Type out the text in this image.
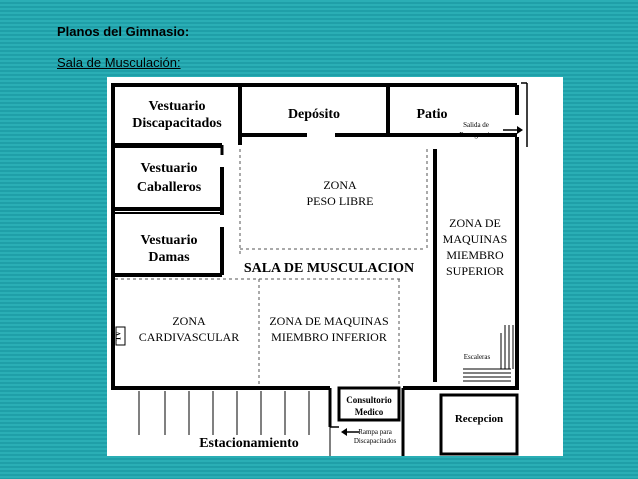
Planos del Gimnasio:
Sala de Musculación:
TV
Vestuario
Discapacitados
Depósito	Patio
Salida de
Emergencia
Vestuario
Caballeros
Vestuario
Damas
ZONA
PESO LIBRE
ZONA DE
MAQUINAS
MIEMBRO
SUPERIOR
SALA DE MUSCULACION
ZONA
CARDIVASCULAR
ZONA DE MAQUINAS
MIEMBRO INFERIOR
Escaleras
Consultorio
Medico
Recepcion
Rampa para
Discapacitados
Estacionamiento
